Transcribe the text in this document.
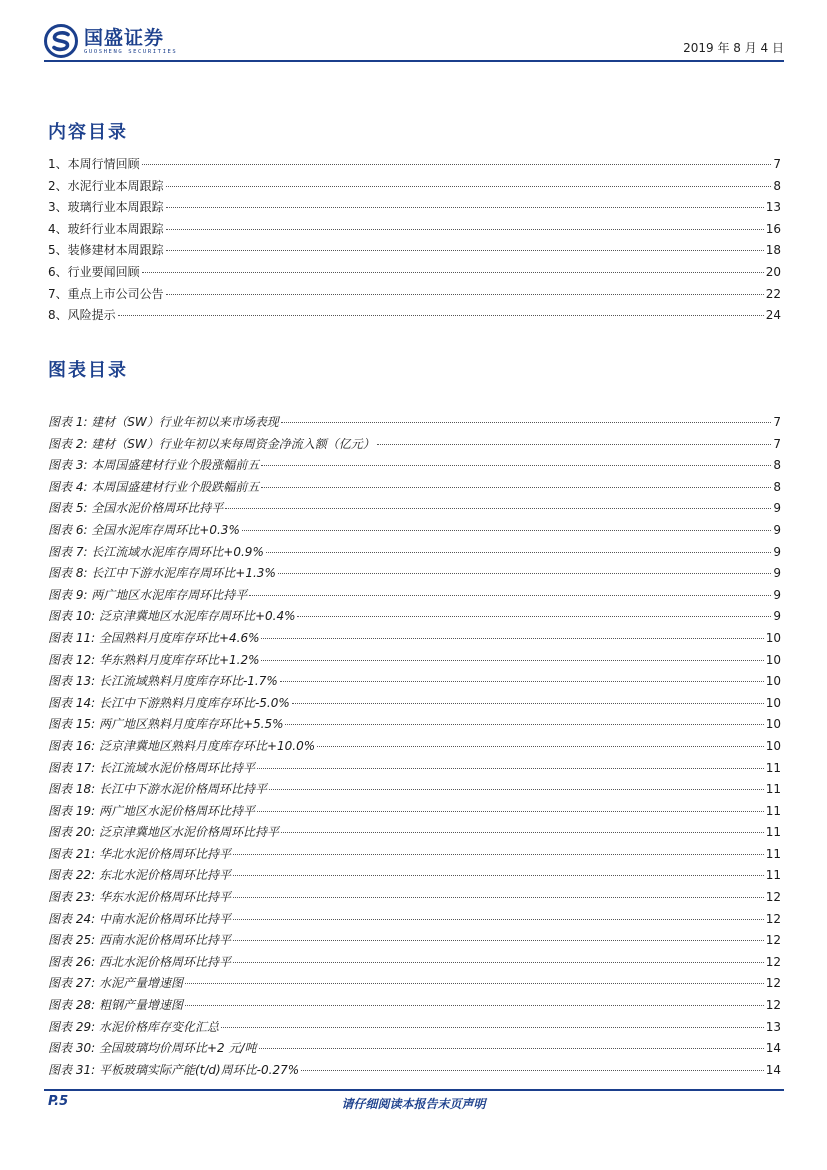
国盛证券
GUOSHENG SECURITIES	2019 年 8 月 4 日
内容目录
1、本周行情回顾	7
2、水泥行业本周跟踪	8
3、玻璃行业本周跟踪	13
4、玻纤行业本周跟踪	16
5、装修建材本周跟踪	18
6、行业要闻回顾	20
7、重点上市公司公告	22
8、风险提示	24
图表目录
图表 1: 建材（SW）行业年初以来市场表现	7
图表 2: 建材（SW）行业年初以来每周资金净流入额（亿元）	7
图表 3: 本周国盛建材行业个股涨幅前五	8
图表 4: 本周国盛建材行业个股跌幅前五	8
图表 5: 全国水泥价格周环比持平	9
图表 6: 全国水泥库存周环比+0.3%	9
图表 7: 长江流域水泥库存周环比+0.9%	9
图表 8: 长江中下游水泥库存周环比+1.3%	9
图表 9: 两广地区水泥库存周环比持平	9
图表 10: 泛京津冀地区水泥库存周环比+0.4%	9
图表 11: 全国熟料月度库存环比+4.6%	10
图表 12: 华东熟料月度库存环比+1.2%	10
图表 13: 长江流域熟料月度库存环比-1.7%	10
图表 14: 长江中下游熟料月度库存环比-5.0%	10
图表 15: 两广地区熟料月度库存环比+5.5%	10
图表 16: 泛京津冀地区熟料月度库存环比+10.0%	10
图表 17: 长江流域水泥价格周环比持平	11
图表 18: 长江中下游水泥价格周环比持平	11
图表 19: 两广地区水泥价格周环比持平	11
图表 20: 泛京津冀地区水泥价格周环比持平	11
图表 21: 华北水泥价格周环比持平	11
图表 22: 东北水泥价格周环比持平	11
图表 23: 华东水泥价格周环比持平	12
图表 24: 中南水泥价格周环比持平	12
图表 25: 西南水泥价格周环比持平	12
图表 26: 西北水泥价格周环比持平	12
图表 27: 水泥产量增速图	12
图表 28: 粗钢产量增速图	12
图表 29: 水泥价格库存变化汇总	13
图表 30: 全国玻璃均价周环比+2 元/吨	14
图表 31: 平板玻璃实际产能(t/d)周环比-0.27%	14
P.5	请仔细阅读本报告末页声明
